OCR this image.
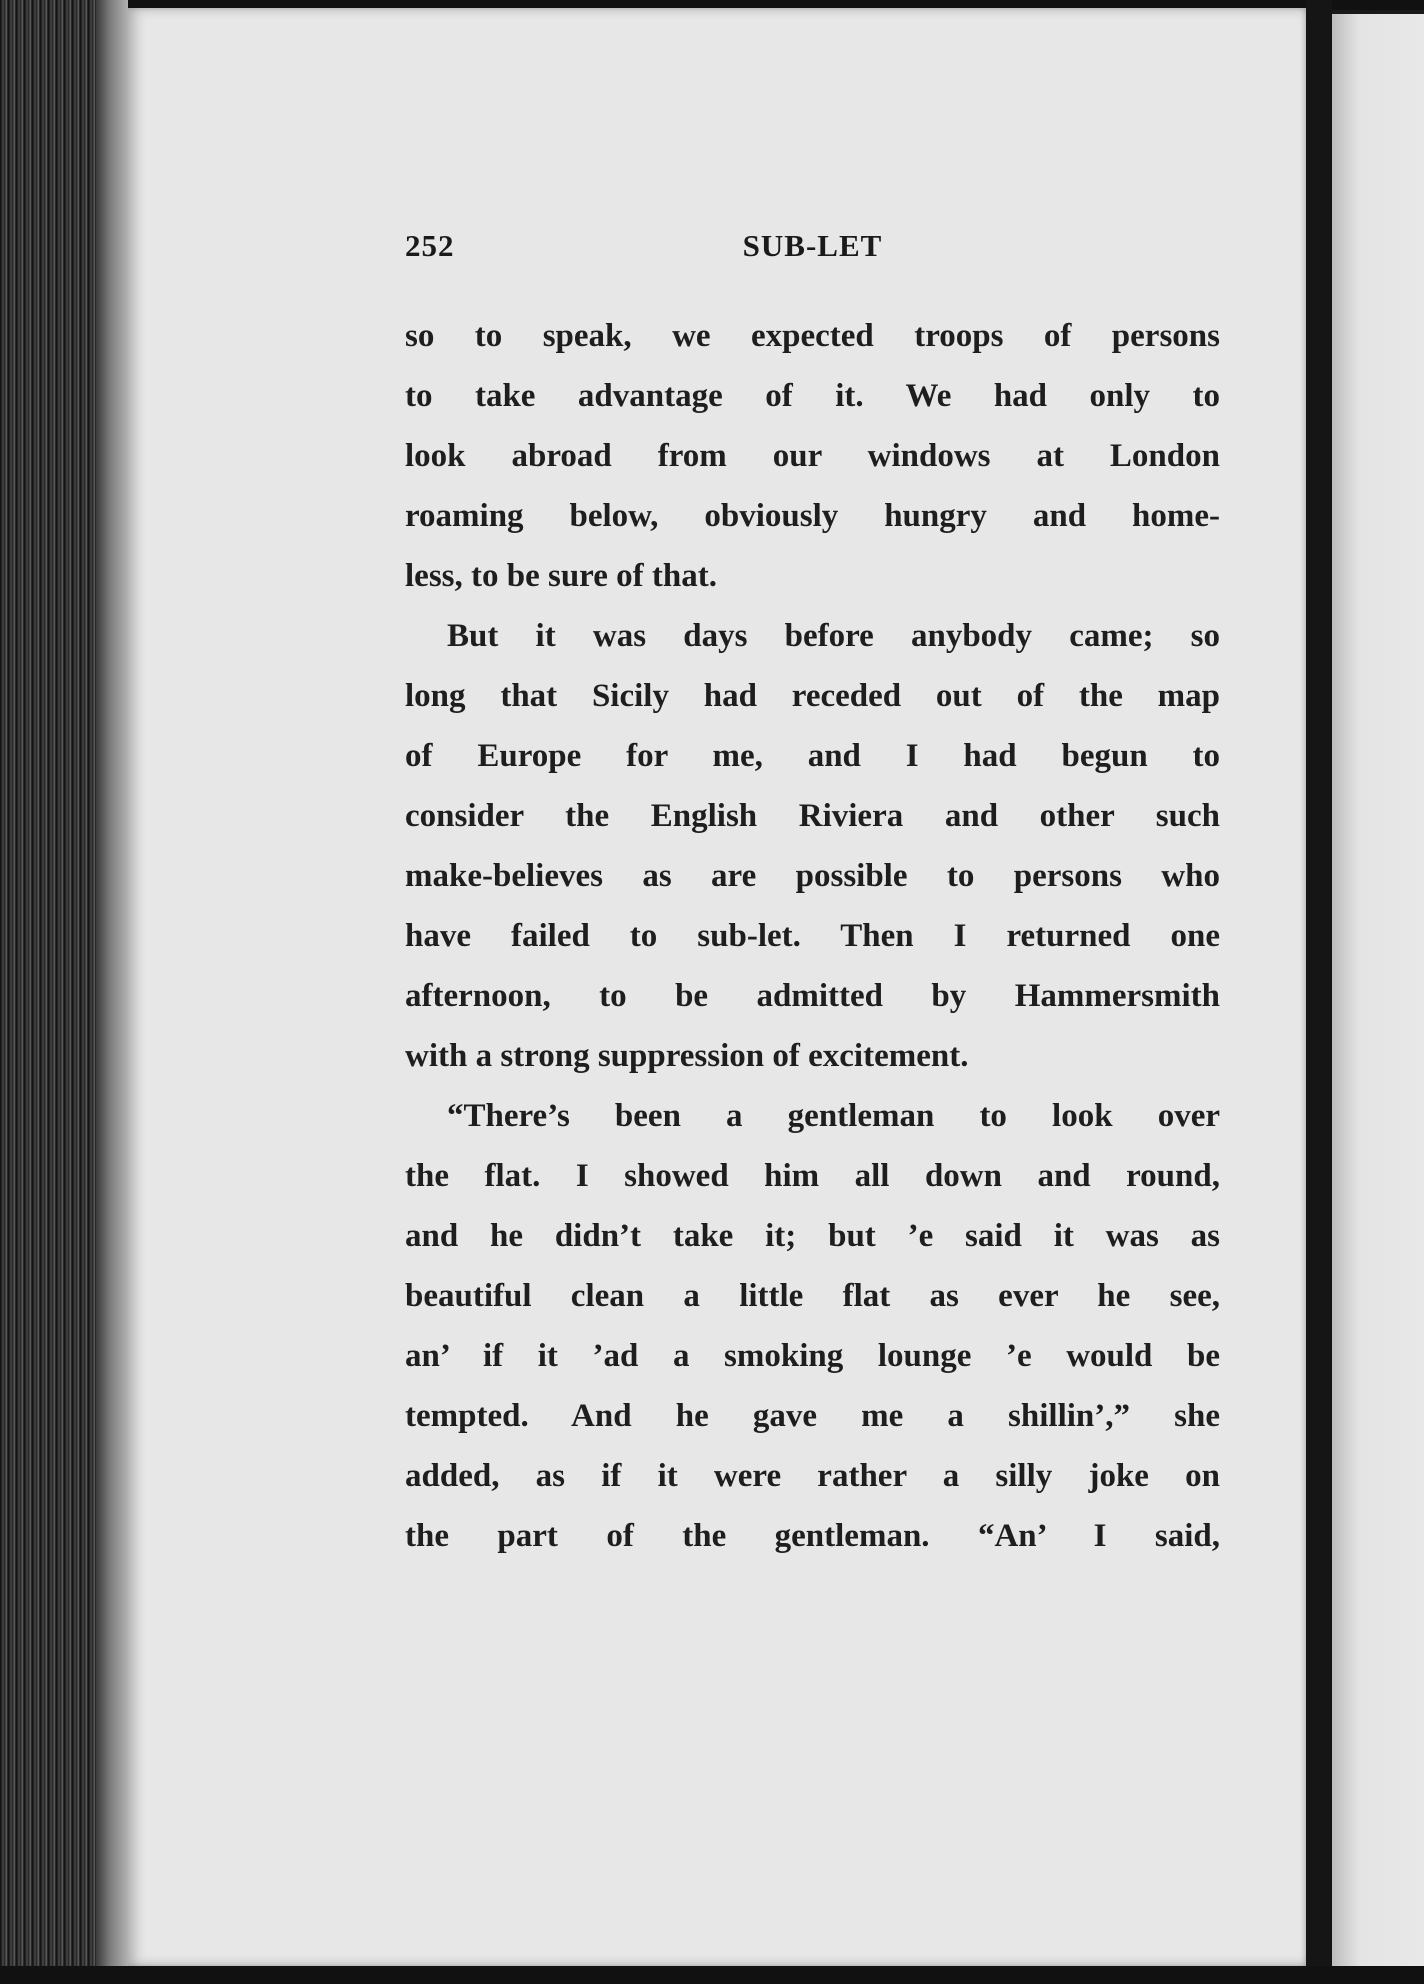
252	SUB-LET
so to speak, we expected troops of persons
to take advantage of it. We had only to
look abroad from our windows at London
roaming below, obviously hungry and home-
less, to be sure of that.
But it was days before anybody came; so
long that Sicily had receded out of the map
of Europe for me, and I had begun to
consider the English Riviera and other such
make-believes as are possible to persons who
have failed to sub-let. Then I returned one
afternoon, to be admitted by Hammersmith
with a strong suppression of excitement.
“There’s been a gentleman to look over
the flat. I showed him all down and round,
and he didn’t take it; but ’e said it was as
beautiful clean a little flat as ever he see,
an’ if it ’ad a smoking lounge ’e would be
tempted. And he gave me a shillin’,” she
added, as if it were rather a silly joke on
the part of the gentleman. “An’ I said,
